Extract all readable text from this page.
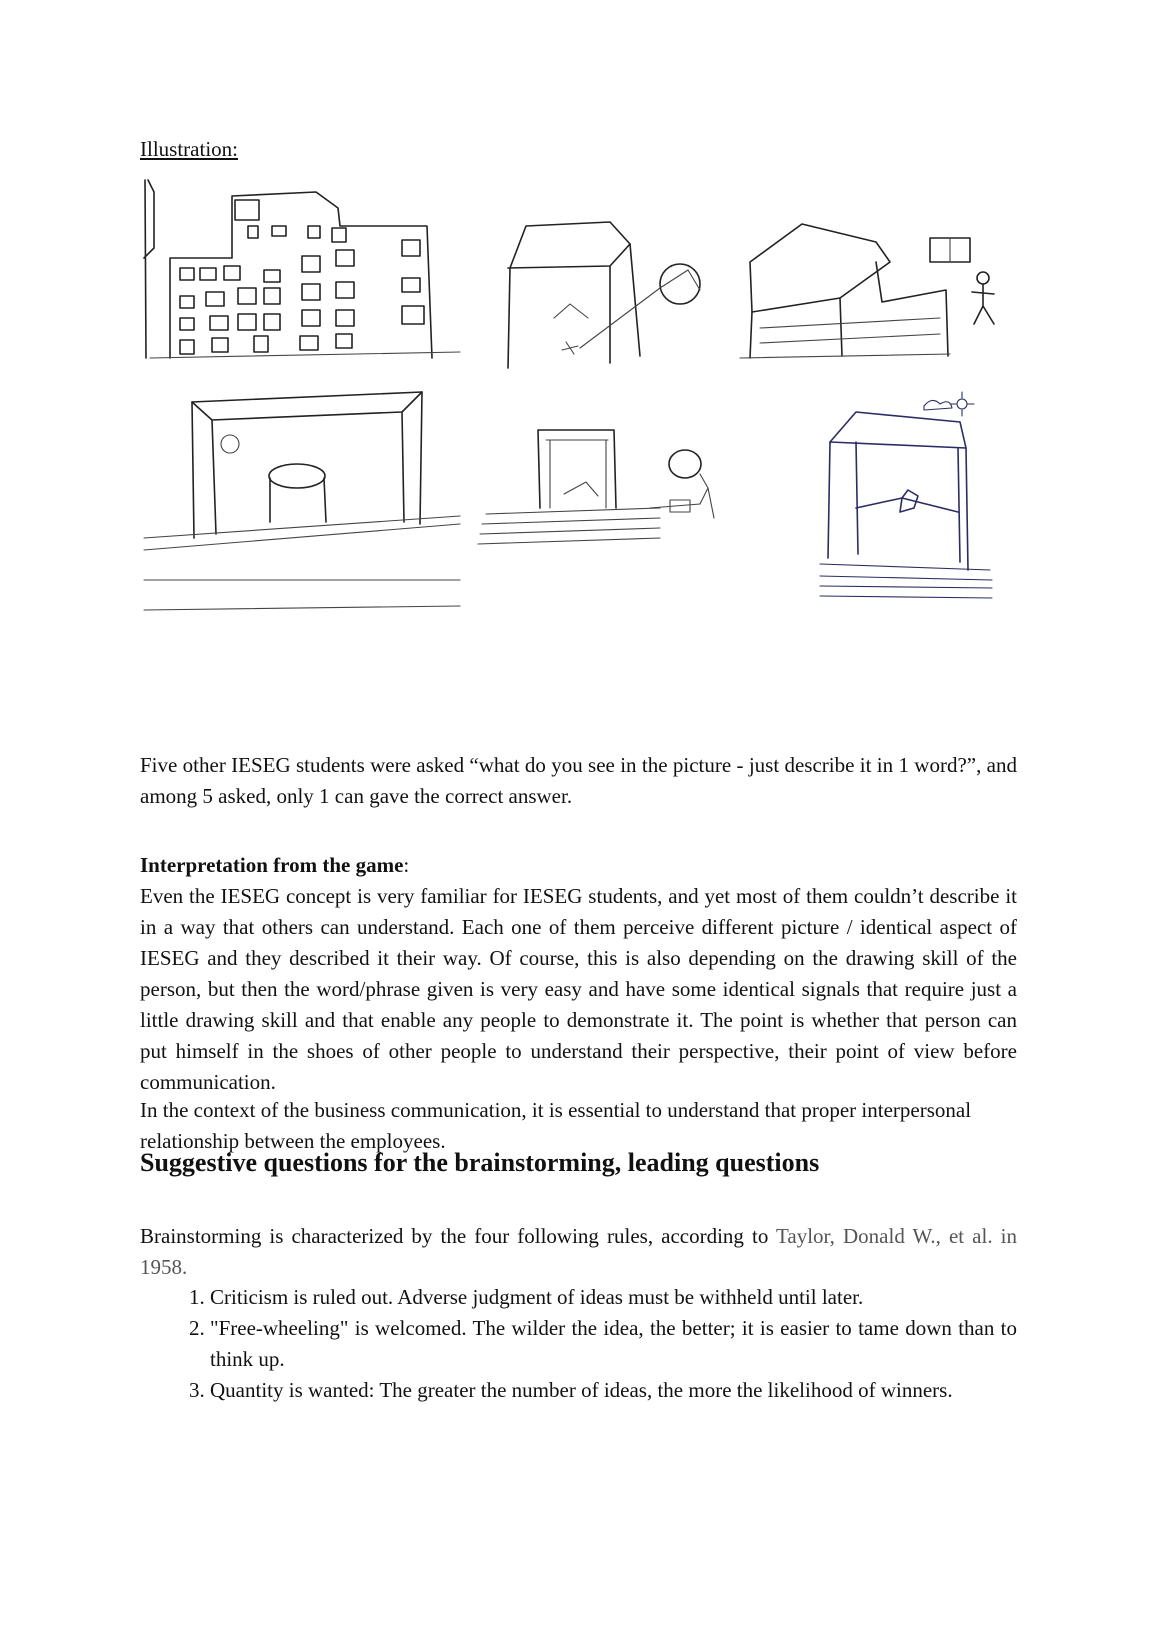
Illustration:
Five other IESEG students were asked “what do you see in the picture - just describe it in 1 word?”, and among 5 asked, only 1 can gave the correct answer.
Interpretation from the game:
Even the IESEG concept is very familiar for IESEG students, and yet most of them couldn’t describe it in a way that others can understand. Each one of them perceive different picture / identical aspect of IESEG and they described it their way. Of course, this is also depending on the drawing skill of the person, but then the word/phrase given is very easy and have some identical signals that require just a little drawing skill and that enable any people to demonstrate it. The point is whether that person can put himself in the shoes of other people to understand their perspective, their point of view before communication.
In the context of the business communication, it is essential to understand that proper interpersonal relationship between the employees.
Suggestive questions for the brainstorming, leading questions
Brainstorming is characterized by the four following rules, according to Taylor, Donald W., et al. in 1958.
1. Criticism is ruled out. Adverse judgment of ideas must be withheld until later.
2. "Free-wheeling" is welcomed. The wilder the idea, the better; it is easier to tame down than to think up.
3. Quantity is wanted: The greater the number of ideas, the more the likelihood of winners.
